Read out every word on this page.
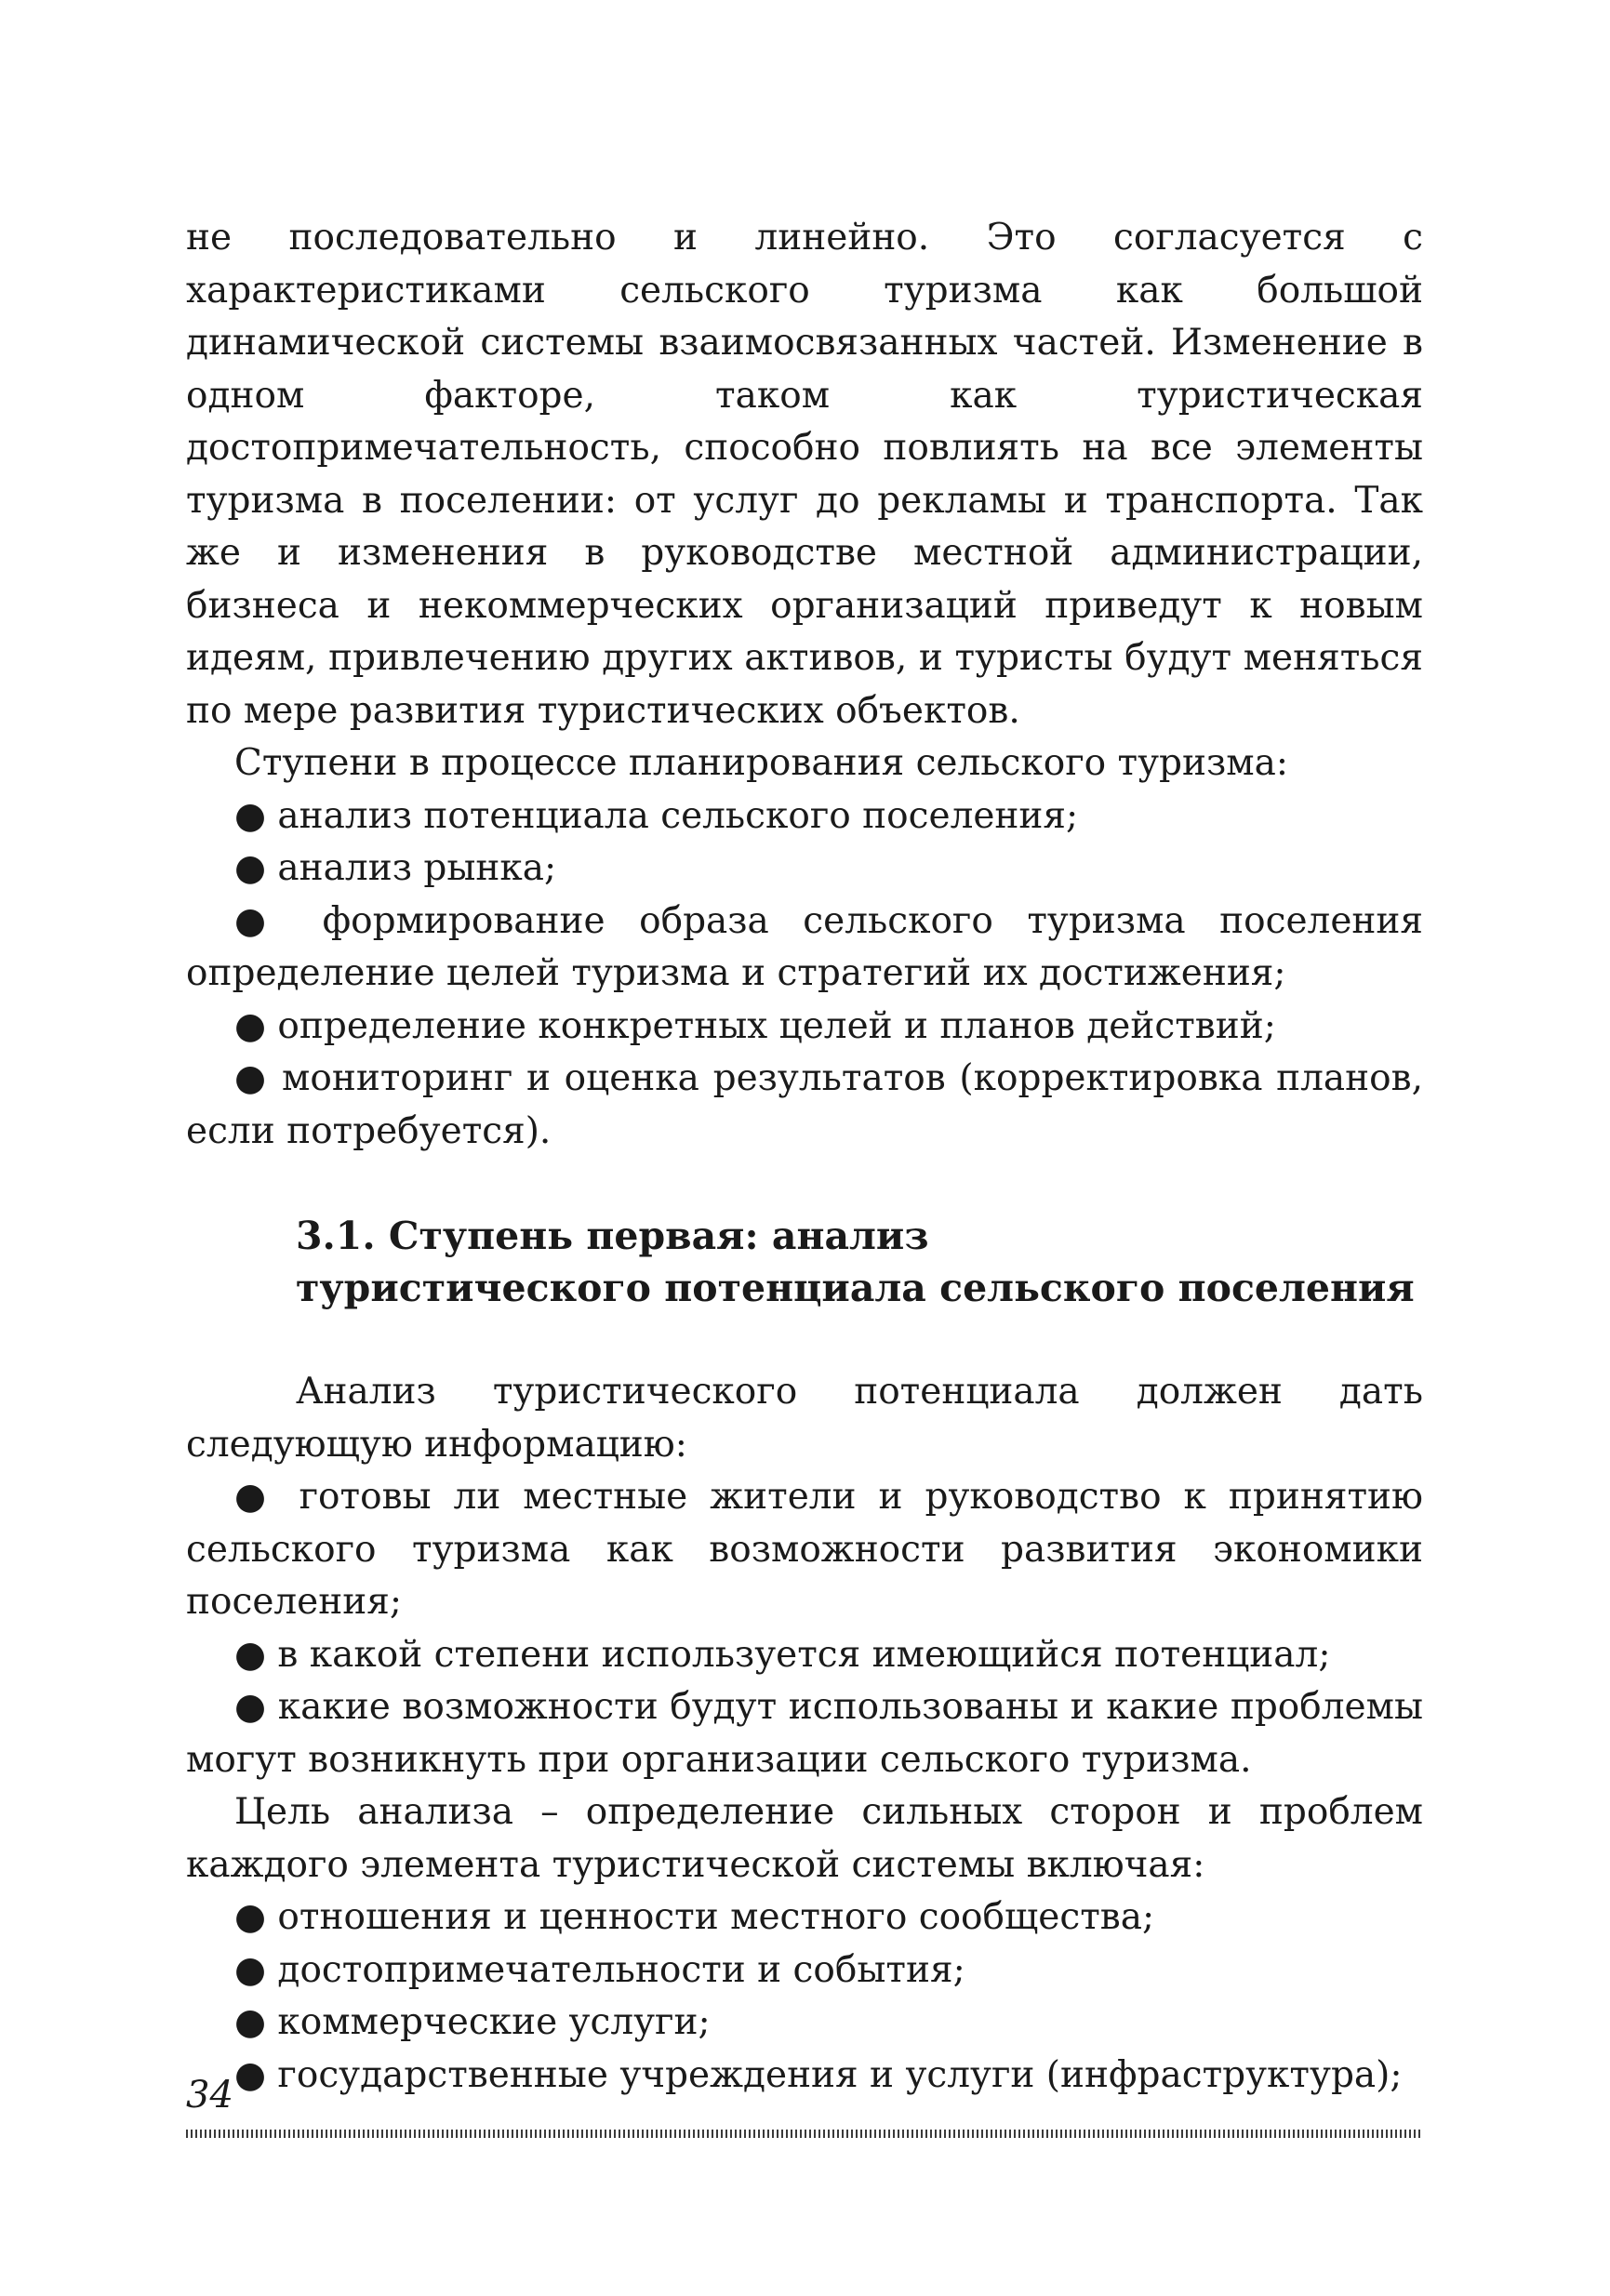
не последовательно и линейно. Это согласуется с характеристиками сельского туризма как большой динамической системы взаимосвязанных частей. Изменение в одном факторе, таком как туристическая достопримечательность, способно повлиять на все элементы туризма в поселении: от услуг до рекламы и транспорта. Так же и изменения в руководстве местной администрации, бизнеса и некоммерческих организаций приведут к новым идеям, привлечению других активов, и туристы будут меняться по мере развития туристических объектов.

Ступени в процессе планирования сельского туризма:

● анализ потенциала сельского поселения;

● анализ рынка;

● формирование образа сельского туризма поселения определение целей туризма и стратегий их достижения;

● определение конкретных целей и планов действий;

● мониторинг и оценка результатов (корректировка планов, если потребуется).

3.1. Ступень первая: анализ

туристического потенциала сельского поселения

Анализ туристического потенциала должен дать следующую информацию:

● готовы ли местные жители и руководство к принятию сельского туризма как возможности развития экономики поселения;

● в какой степени используется имеющийся потенциал;

● какие возможности будут использованы и какие проблемы могут возникнуть при организации сельского туризма.

Цель анализа – определение сильных сторон и проблем каждого элемента туристической системы включая:

● отношения и ценности местного сообщества;

● достопримечательности и события;

● коммерческие услуги;

● государственные учреждения и услуги (инфраструктура);

34
